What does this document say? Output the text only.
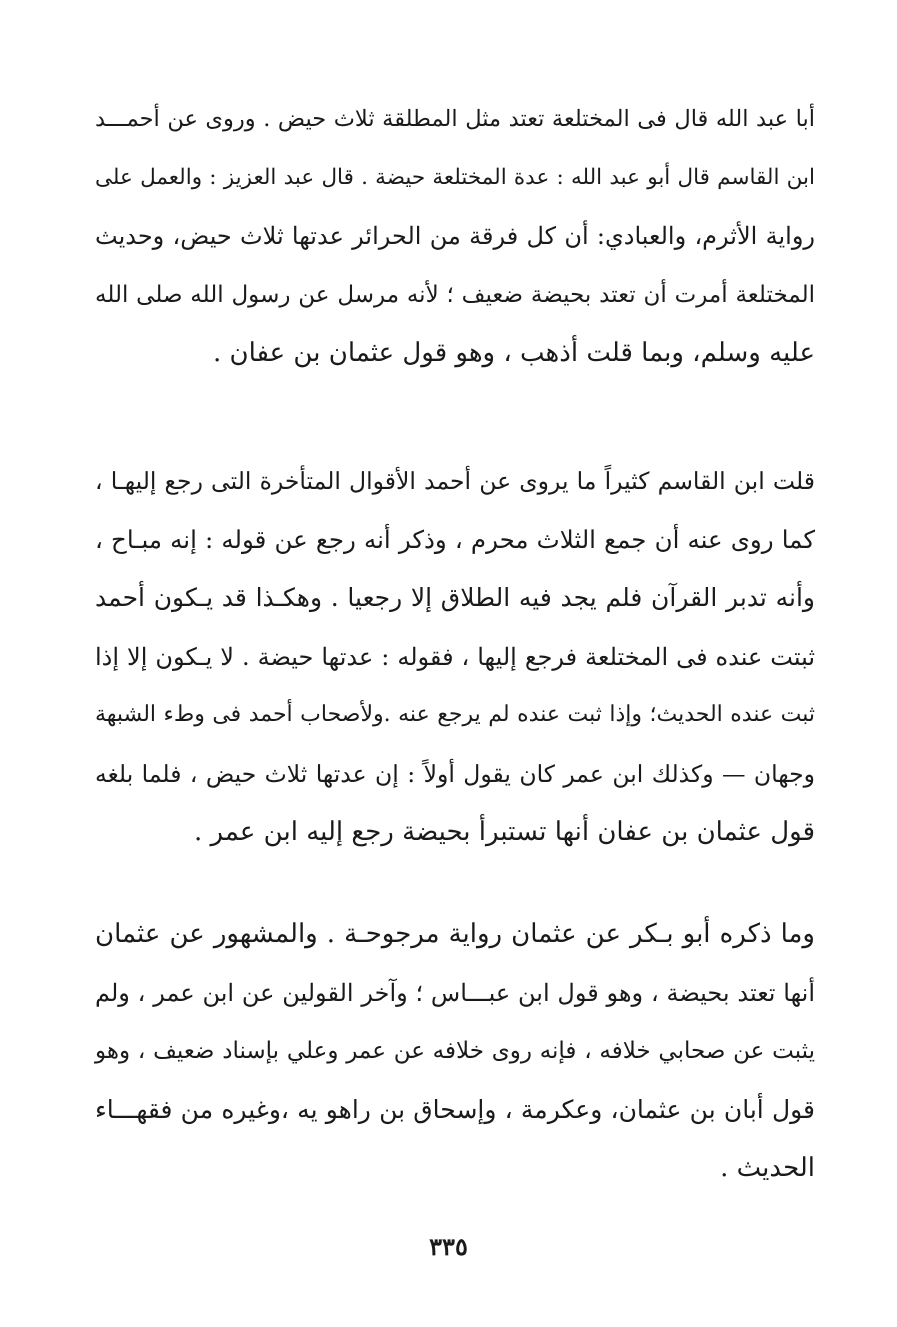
أبا عبد الله قال فى المختلعة تعتد مثل المطلقة ثلاث حيض . وروى عن أحمـــد
ابن القاسم قال أبو عبد الله : عدة المختلعة حيضة . قال عبد العزيز : والعمل على
رواية الأثرم، والعبادي: أن كل فرقة من الحرائر عدتها ثلاث حيض، وحديث
المختلعة أمرت أن تعتد بحيضة ضعيف ؛ لأنه مرسل عن رسول الله صلى الله
عليه وسلم، وبما قلت أذهب ، وهو قول عثمان بن عفان .
قلت ابن القاسم كثيراً ما يروى عن أحمد الأقوال المتأخرة التى رجع إليهـا ،
كما روى عنه أن جمع الثلاث محرم ، وذكر أنه رجع عن قوله : إنه مبـاح ،
وأنه تدبر القرآن فلم يجد فيه الطلاق إلا رجعيا . وهكـذا قد يـكون أحمد
ثبتت عنده فى المختلعة فرجع إليها ، فقوله : عدتها حيضة . لا يـكون إلا إذا
ثبت عنده الحديث؛ وإذا ثبت عنده لم يرجع عنه .ولأصحاب أحمد فى وطء الشبهة
وجهان — وكذلك ابن عمر كان يقول أولاً : إن عدتها ثلاث حيض ، فلما بلغه
قول عثمان بن عفان أنها تستبرأ بحيضة رجع إليه ابن عمر .
وما ذكره أبو بـكر عن عثمان رواية مرجوحـة . والمشهور عن عثمان
أنها تعتد بحيضة ، وهو قول ابن عبـــاس ؛ وآخر القولين عن ابن عمر ، ولم
يثبت عن صحابي خلافه ، فإنه روى خلافه عن عمر وعلي بإسناد ضعيف ، وهو
قول أبان بن عثمان، وعكرمة ، وإسحاق بن راهو يه ،وغيره من فقهـــاء
الحديث .
٣٣٥
